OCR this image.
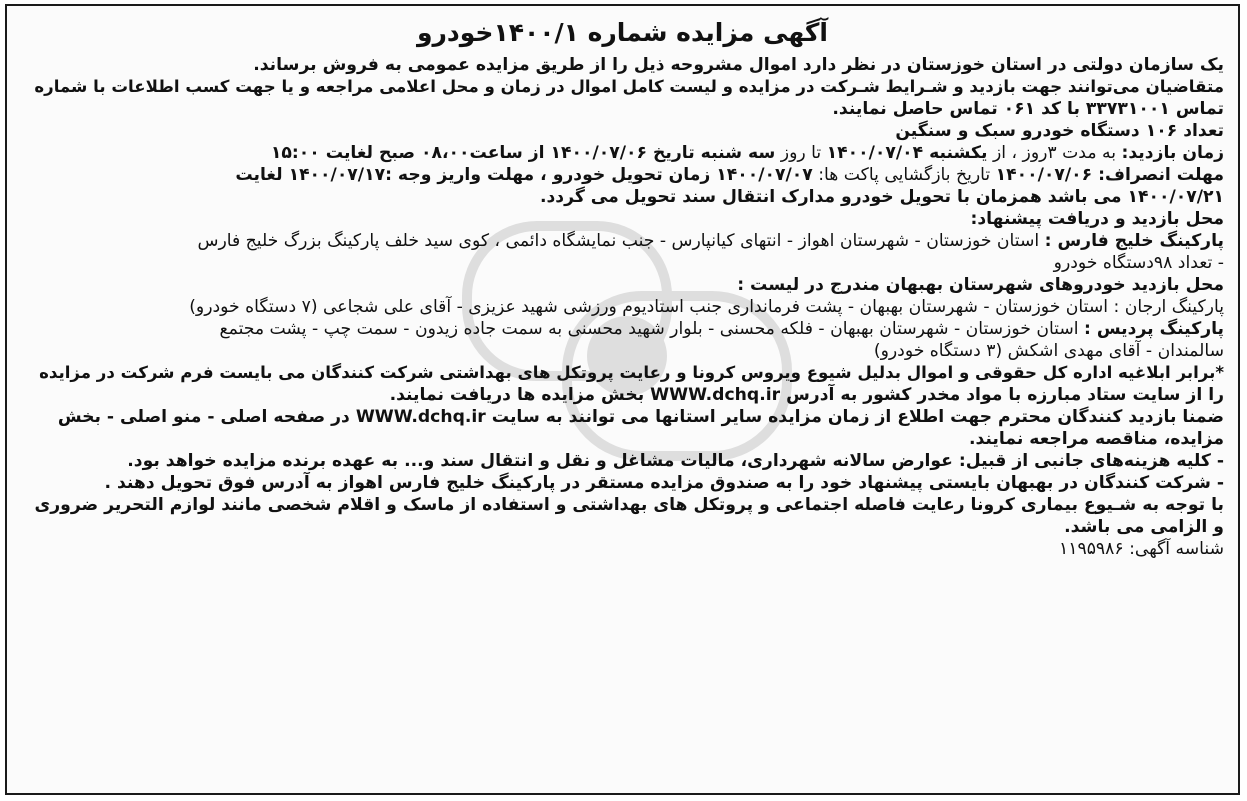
آگهی مزایده شماره ۱۴۰۰/۱خودرو
یک سازمان دولتی در استان خوزستان در نظر دارد اموال مشروحه ذیل را از طریق مزایده عمومی به فروش برساند.
متقاضیان می‌توانند جهت بازدید و شـرایط شـرکت در مزایده و لیست کامل اموال در زمان و محل اعلامی مراجعه و یا جهت کسب اطلاعات با شماره
تماس ۳۳۷۳۱۰۰۱ با کد ۰۶۱ تماس حاصل نمایند.
تعداد ۱۰۶ دستگاه خودرو سبک و سنگین
زمان بازدید: به مدت ۳روز ، از یکشنبه ۱۴۰۰/۰۷/۰۴ تا روز سه شنبه تاریخ ۱۴۰۰/۰۷/۰۶ از ساعت۰۸،۰۰ صبح لغایت ۱۵:۰۰
مهلت انصراف: ۱۴۰۰/۰۷/۰۶ تاریخ بازگشایی پاکت ها: ۱۴۰۰/۰۷/۰۷ زمان تحویل خودرو ، مهلت واریز وجه :۱۴۰۰/۰۷/۱۷ لغایت
۱۴۰۰/۰۷/۲۱ می باشد همزمان با تحویل خودرو مدارک انتقال سند تحویل می گردد.
محل بازدید و دریافت پیشنهاد:
پارکینگ خلیج فارس : استان خوزستان - شهرستان اهواز - انتهای کیانپارس - جنب نمایشگاه دائمی ، کوی سید خلف پارکینگ بزرگ خلیج فارس
- تعداد ۹۸دستگاه خودرو
محل بازدید خودروهای شهرستان بهبهان مندرج در لیست :
پارکینگ ارجان : استان خوزستان - شهرستان بهبهان - پشت فرمانداری جنب استادیوم ورزشی شهید عزیزی - آقای علی شجاعی (۷ دستگاه خودرو)
پارکینگ پردیس : استان خوزستان - شهرستان بهبهان - فلکه محسنی - بلوار شهید محسنی به سمت جاده زیدون - سمت چپ - پشت مجتمع
سالمندان - آقای مهدی اشکش (۳ دستگاه خودرو)
*برابر ابلاغیه اداره کل حقوقی و اموال بدلیل شیوع ویروس کرونا و رعایت پروتکل های بهداشتی شرکت کنندگان می بایست فرم شرکت در مزایده
را از سایت ستاد مبارزه با مواد مخدر کشور به آدرس WWW.dchq.ir بخش مزایده ها دریافت نمایند.
ضمنا بازدید کنندگان محترم جهت اطلاع از زمان مزایده سایر استانها می توانند به سایت WWW.dchq.ir در صفحه اصلی - منو اصلی - بخش
مزایده، مناقصه مراجعه نمایند.
- کلیه هزینه‌های جانبی از قبیل: عوارض سالانه شهرداری، مالیات مشاغل و نقل و انتقال سند و... به عهده برنده مزایده خواهد بود.
- شرکت کنندگان در بهبهان بایستی پیشنهاد خود را به صندوق مزایده مستقر در پارکینگ خلیج فارس اهواز به آدرس فوق تحویل دهند .
با توجه به شـیوع بیماری کرونا رعایت فاصله اجتماعی و پروتکل های بهداشتی و استفاده از ماسک و اقلام شخصی مانند لوازم التحریر ضروری
و الزامی می باشد.
شناسه آگهی: ۱۱۹۵۹۸۶
